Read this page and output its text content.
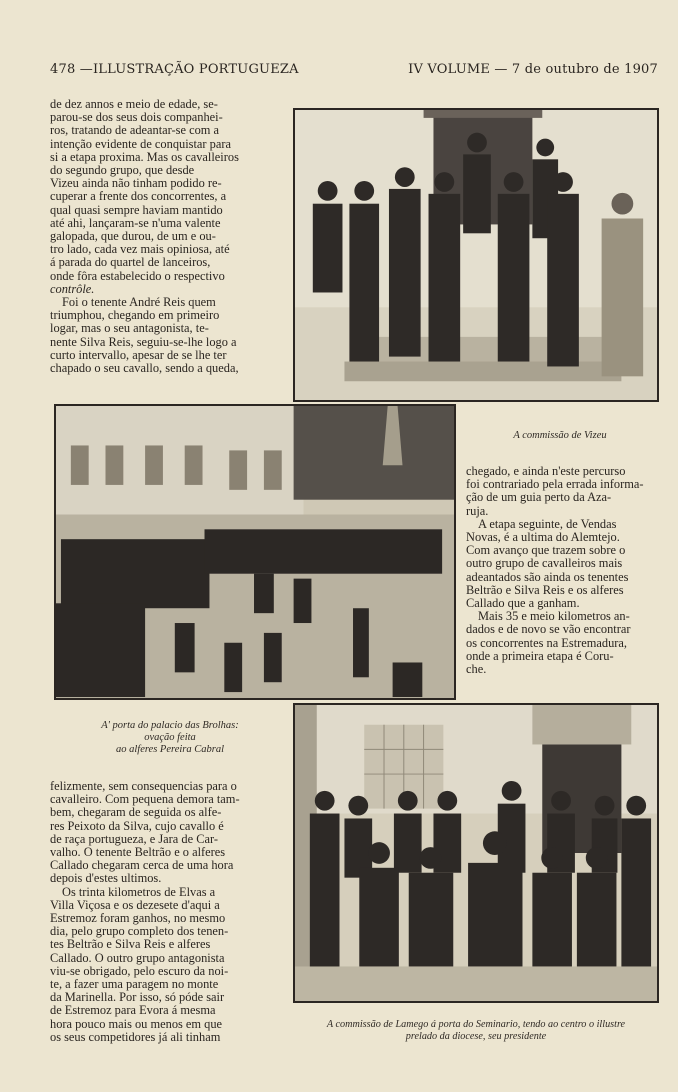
478 —ILLUSTRAÇÃO PORTUGUEZA	IV VOLUME — 7 de outubro de 1907

de dez annos e meio de edade, se-

parou-se dos seus dois companhei-

ros, tratando de adeantar-se com a

intenção evidente de conquistar para

si a etapa proxima. Mas os cavalleiros

do segundo grupo, que desde

Vizeu ainda não tinham podido re-

cuperar a frente dos concorrentes, a

qual quasi sempre haviam mantido

até ahi, lançaram-se n'uma valente

galopada, que durou, de um e ou-

tro lado, cada vez mais opiniosa, até

á parada do quartel de lanceiros,

onde fôra estabelecido o respectivo

contrôle.

Foi o tenente André Reis quem

triumphou, chegando em primeiro

logar, mas o seu antagonista, te-

nente Silva Reis, seguiu-se-lhe logo a

curto intervallo, apesar de se lhe ter

chapado o seu cavallo, sendo a queda,

A commissão de Vizeu

chegado, e ainda n'este percurso

foi contrariado pela errada informa-

ção de um guia perto da Aza-

ruja.

A etapa seguinte, de Vendas

Novas, é a ultima do Alemtejo.

Com avanço que trazem sobre o

outro grupo de cavalleiros mais

adeantados são ainda os tenentes

Beltrão e Silva Reis e os alferes

Callado que a ganham.

Mais 35 e meio kilometros an-

dados e de novo se vão encontrar

os concorrentes na Estremadura,

onde a primeira etapa é Coru-

che.

A' porta do palacio das Brolhas:
ovação feita
ao alferes Pereira Cabral

felizmente, sem consequencias para o

cavalleiro. Com pequena demora tam-

bem, chegaram de seguida os alfe-

res Peixoto da Silva, cujo cavallo é

de raça portugueza, e Jara de Car-

valho. O tenente Beltrão e o alferes

Callado chegaram cerca de uma hora

depois d'estes ultimos.

Os trinta kilometros de Elvas a

Villa Viçosa e os dezesete d'aqui a

Estremoz foram ganhos, no mesmo

dia, pelo grupo completo dos tenen-

tes Beltrão e Silva Reis e alferes

Callado. O outro grupo antagonista

viu-se obrigado, pelo escuro da noi-

te, a fazer uma paragem no monte

da Marinella. Por isso, só póde sair

de Estremoz para Evora á mesma

hora pouco mais ou menos em que

os seus competidores já ali tinham

A commissão de Lamego á porta do Seminario, tendo ao centro o illustre
prelado da diocese, seu presidente
